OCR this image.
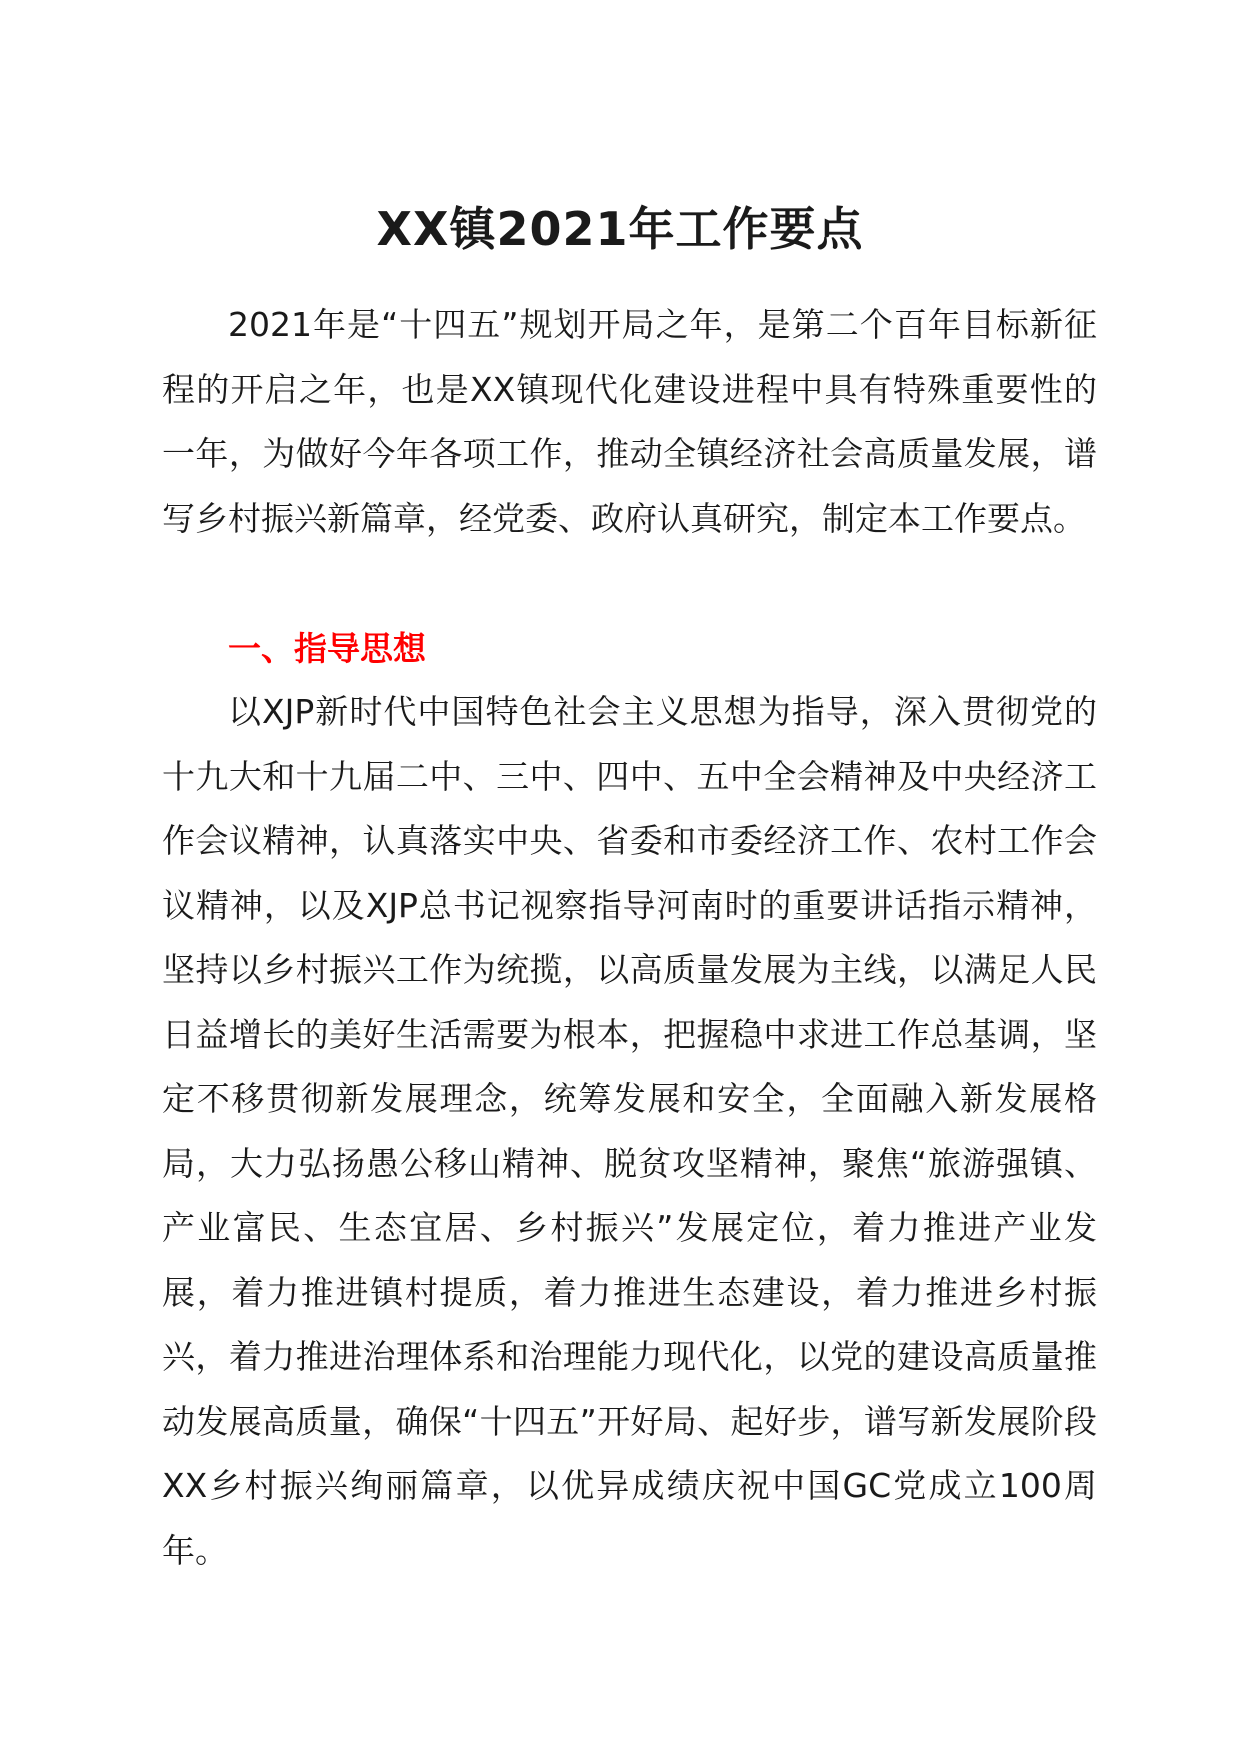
XX镇2021年工作要点

2021年是“十四五”规划开局之年，是第二个百年目标新征程的开启之年，也是XX镇现代化建设进程中具有特殊重要性的一年，为做好今年各项工作，推动全镇经济社会高质量发展，谱写乡村振兴新篇章，经党委、政府认真研究，制定本工作要点。

一、指导思想

以XJP新时代中国特色社会主义思想为指导，深入贯彻党的十九大和十九届二中、三中、四中、五中全会精神及中央经济工作会议精神，认真落实中央、省委和市委经济工作、农村工作会议精神，以及XJP总书记视察指导河南时的重要讲话指示精神，坚持以乡村振兴工作为统揽，以高质量发展为主线，以满足人民日益增长的美好生活需要为根本，把握稳中求进工作总基调，坚定不移贯彻新发展理念，统筹发展和安全，全面融入新发展格局，大力弘扬愚公移山精神、脱贫攻坚精神，聚焦“旅游强镇、产业富民、生态宜居、乡村振兴”发展定位，着力推进产业发展，着力推进镇村提质，着力推进生态建设，着力推进乡村振兴，着力推进治理体系和治理能力现代化，以党的建设高质量推动发展高质量，确保“十四五”开好局、起好步，谱写新发展阶段XX乡村振兴绚丽篇章，以优异成绩庆祝中国GC党成立100周年。
